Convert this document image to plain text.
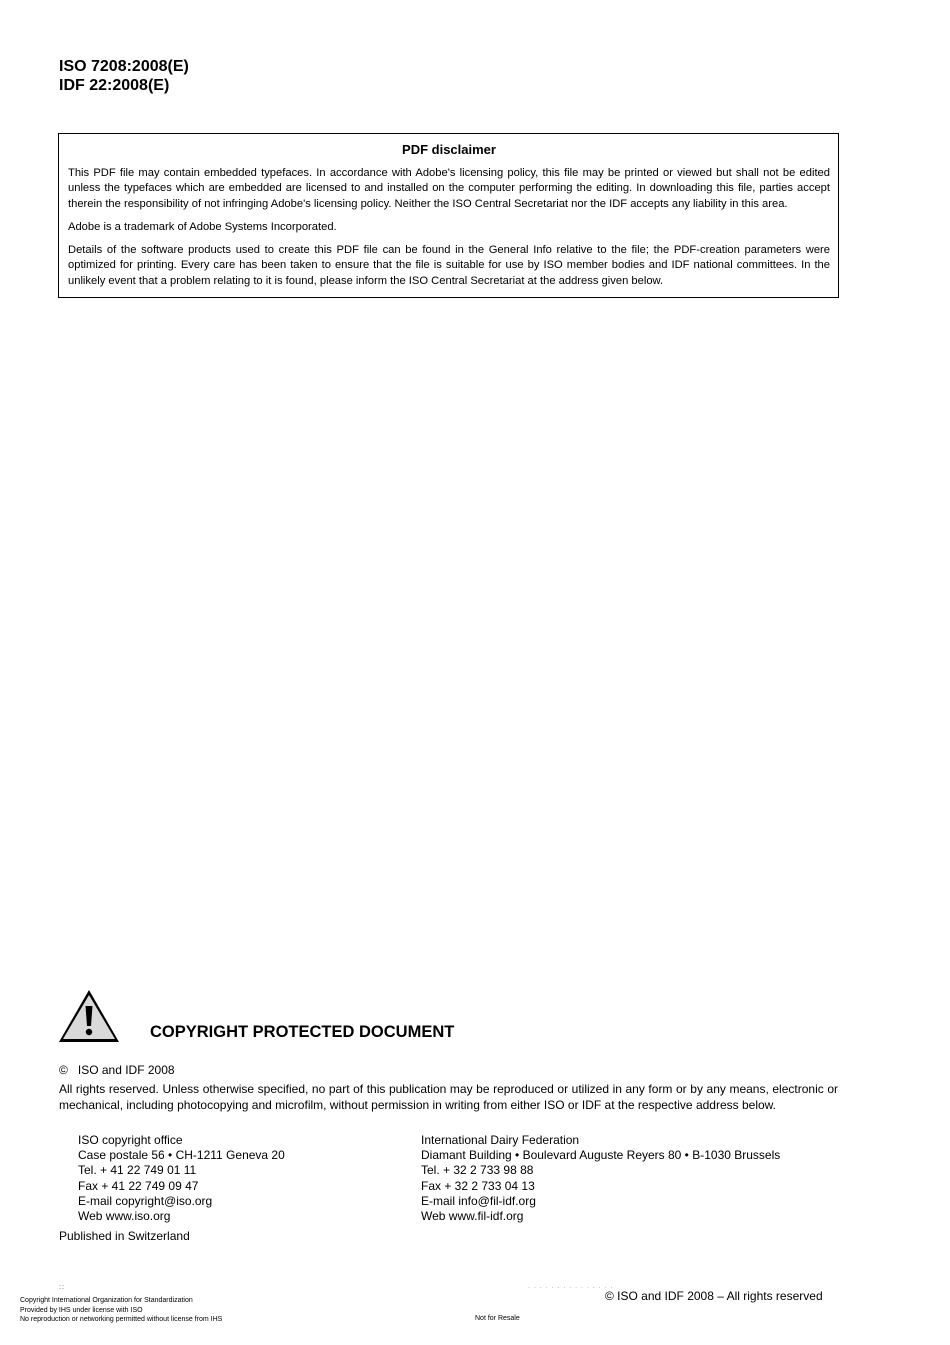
ISO 7208:2008(E)
IDF 22:2008(E)
PDF disclaimer

This PDF file may contain embedded typefaces. In accordance with Adobe's licensing policy, this file may be printed or viewed but shall not be edited unless the typefaces which are embedded are licensed to and installed on the computer performing the editing. In downloading this file, parties accept therein the responsibility of not infringing Adobe's licensing policy. Neither the ISO Central Secretariat nor the IDF accepts any liability in this area.

Adobe is a trademark of Adobe Systems Incorporated.

Details of the software products used to create this PDF file can be found in the General Info relative to the file; the PDF-creation parameters were optimized for printing. Every care has been taken to ensure that the file is suitable for use by ISO member bodies and IDF national committees. In the unlikely event that a problem relating to it is found, please inform the ISO Central Secretariat at the address given below.

COPYRIGHT PROTECTED DOCUMENT
© ISO and IDF 2008
All rights reserved. Unless otherwise specified, no part of this publication may be reproduced or utilized in any form or by any means, electronic or mechanical, including photocopying and microfilm, without permission in writing from either ISO or IDF at the respective address below.
ISO copyright office
Case postale 56 • CH-1211 Geneva 20
Tel. + 41 22 749 01 11
Fax + 41 22 749 09 47
E-mail copyright@iso.org
Web www.iso.org
International Dairy Federation
Diamant Building • Boulevard Auguste Reyers 80 • B-1030 Brussels
Tel. + 32 2 733 98 88
Fax + 32 2 733 04 13
E-mail info@fil-idf.org
Web www.fil-idf.org
Published in Switzerland
::	. . . . . . . . . . . . . . .
© ISO and IDF 2008 – All rights reserved
Copyright International Organization for Standardization
Provided by IHS under license with ISO
No reproduction or networking permitted without license from IHS	Not for Resale
